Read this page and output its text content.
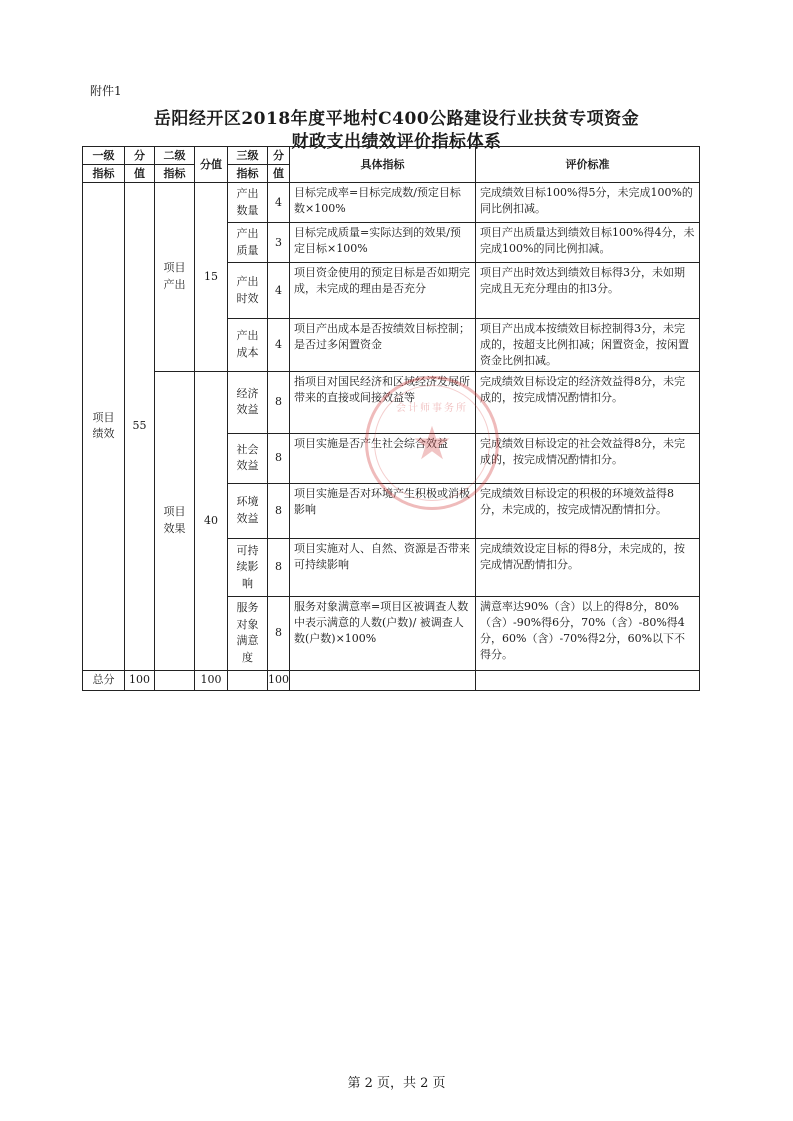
附件1
岳阳经开区2018年度平地村C400公路建设行业扶贫专项资金
财政支出绩效评价指标体系
一级	分	二级	分值	三级	分	具体指标	评价标准
指标	值	指标		指标	值		
项目绩效	55	项目产出	15	产出数量	4	目标完成率=目标完成数/预定目标数×100%	完成绩效目标100%得5分，未完成100%的同比例扣减。
				产出质量	3	目标完成质量=实际达到的效果/预定目标×100%	项目产出质量达到绩效目标100%得4分，未完成100%的同比例扣减。
				产出时效	4	项目资金使用的预定目标是否如期完成，未完成的理由是否充分	项目产出时效达到绩效目标得3分，未如期完成且无充分理由的扣3分。
				产出成本	4	项目产出成本是否按绩效目标控制；是否过多闲置资金	项目产出成本按绩效目标控制得3分，未完成的，按超支比例扣减；闲置资金，按闲置资金比例扣减。
		项目效果	40	经济效益	8	指项目对国民经济和区域经济发展所带来的直接或间接效益等	完成绩效目标设定的经济效益得8分，未完成的，按完成情况酌情扣分。
				社会效益	8	项目实施是否产生社会综合效益	完成绩效目标设定的社会效益得8分，未完成的，按完成情况酌情扣分。
				环境效益	8	项目实施是否对环境产生积极或消极影响	完成绩效目标设定的积极的环境效益得8分，未完成的，按完成情况酌情扣分。
				可持续影响	8	项目实施对人、自然、资源是否带来可持续影响	完成绩效设定目标的得8分，未完成的，按完成情况酌情扣分。
				服务对象满意度	8	服务对象满意率=项目区被调查人数中表示满意的人数(户数)/ 被调查人数(户数)×100%	满意率达90%（含）以上的得8分，80%（含）-90%得6分，70%（含）-80%得4分，60%（含）-70%得2分，60%以下不得分。
总分	100		100		100		
会计师事务所
★
第 2 页，共 2 页
